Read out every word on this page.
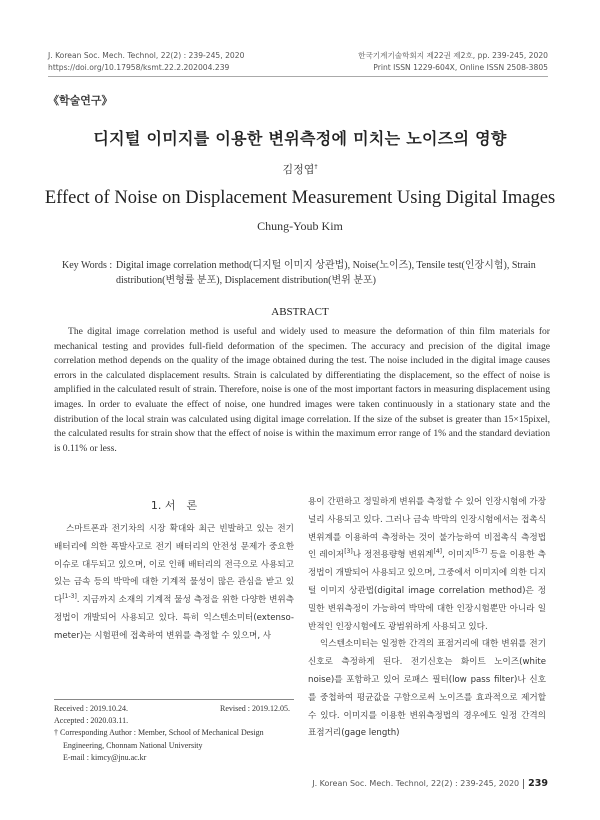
J. Korean Soc. Mech. Technol, 22(2) : 239-245, 2020
https://doi.org/10.17958/ksmt.22.2.202004.239
한국기계기술학회지 제22권 제2호, pp. 239-245, 2020
Print ISSN 1229-604X, Online ISSN 2508-3805
《학술연구》
디지털 이미지를 이용한 변위측정에 미치는 노이즈의 영향
김정엽†
Effect of Noise on Displacement Measurement Using Digital Images
Chung-Youb Kim
Key Words : Digital image correlation method(디지털 이미지 상관법), Noise(노이즈), Tensile test(인장시험), Strain distribution(변형률 분포), Displacement distribution(변위 분포)
ABSTRACT
The digital image correlation method is useful and widely used to measure the deformation of thin film materials for mechanical testing and provides full-field deformation of the specimen. The accuracy and precision of the digital image correlation method depends on the quality of the image obtained during the test. The noise included in the digital image causes errors in the calculated displacement results. Strain is calculated by differentiating the displacement, so the effect of noise is amplified in the calculated result of strain. Therefore, noise is one of the most important factors in measuring displacement using images. In order to evaluate the effect of noise, one hundred images were taken continuously in a stationary state and the distribution of the local strain was calculated using digital image correlation. If the size of the subset is greater than 15×15pixel, the calculated results for strain show that the effect of noise is within the maximum error range of 1% and the standard deviation is 0.11% or less.
1. 서　론
스마트폰과 전기차의 시장 확대와 최근 빈발하고 있는 전기 배터리에 의한 폭발사고로 전기 배터리의 안전성 문제가 중요한 이슈로 대두되고 있으며, 이로 인해 배터리의 전극으로 사용되고 있는 금속 등의 박막에 대한 기계적 물성이 많은 관심을 받고 있다[1-3]. 지금까지 소재의 기계적 물성 측정을 위한 다양한 변위측정법이 개발되어 사용되고 있다. 특히 익스텐소미터(extenso-meter)는 시험편에 접촉하여 변위를 측정할 수 있으며, 사
용이 간편하고 정밀하게 변위를 측정할 수 있어 인장시험에 가장 널리 사용되고 있다. 그러나 금속 박막의 인장시험에서는 접촉식 변위계를 이용하여 측정하는 것이 불가능하여 비접촉식 측정법인 레이저[3]나 정전용량형 변위계[4], 이미지[5-7] 등을 이용한 측정법이 개발되어 사용되고 있으며, 그중에서 이미지에 의한 디지털 이미지 상관법(digital image correlation method)은 정밀한 변위측정이 가능하여 박막에 대한 인장시험뿐만 아니라 일반적인 인장시험에도 광범위하게 사용되고 있다.
익스텐소미터는 일정한 간격의 표점거리에 대한 변위를 전기신호로 측정하게 된다. 전기신호는 화이트 노이즈(white noise)를 포함하고 있어 로패스 필터(low pass filter)나 신호를 중첩하여 평균값을 구함으로써 노이즈를 효과적으로 제거할 수 있다. 이미지를 이용한 변위측정법의 경우에도 일정 간격의 표점거리(gage length)
Received : 2019.10.24.	Revised : 2019.12.05.
Accepted : 2020.03.11.
† Corresponding Author : Member, School of Mechanical Design
Engineering, Chonnam National University
E-mail : kimcy@jnu.ac.kr
J. Korean Soc. Mech. Technol, 22(2) : 239-245, 2020 239
